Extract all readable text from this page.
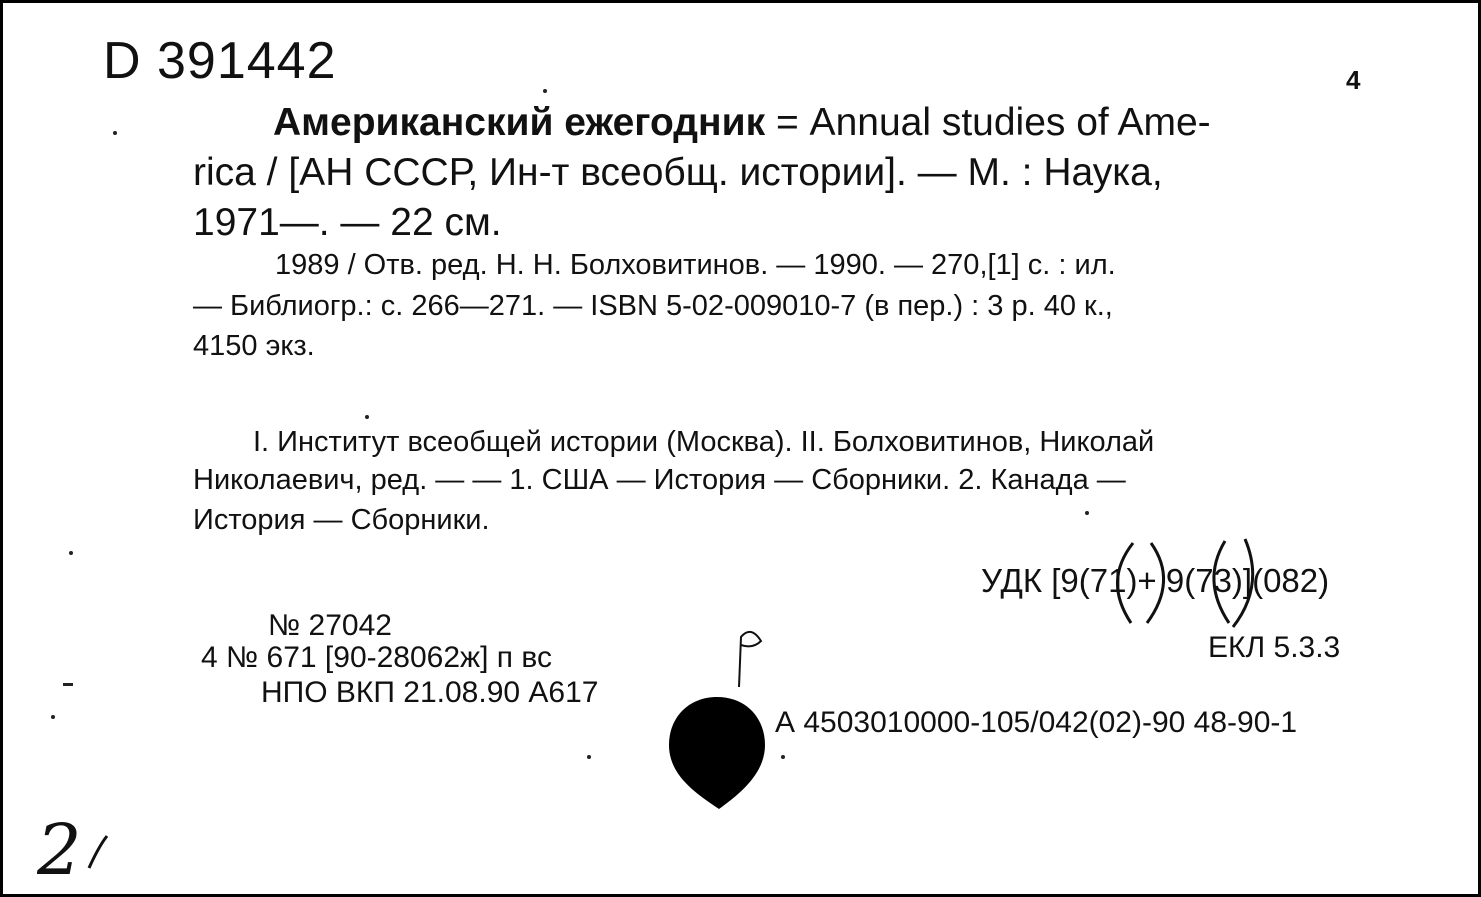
D 391442	4
Американский ежегодник = Annual studies of Ame-
rica / [АН СССР, Ин-т всеобщ. истории]. — М. : Наука,
1971—. — 22 см.
1989 / Отв. ред. Н. Н. Болховитинов. — 1990. — 270,[1] с. : ил.
— Библиогр.: с. 266—271. — ISBN 5-02-009010-7 (в пер.) : 3 р. 40 к.,
4150 экз.
I. Институт всеобщей истории (Москва). II. Болховитинов, Николай
Николаевич, ред. — — 1. США — История — Сборники. 2. Канада —
История — Сборники.
УДК [9(71)+ 9(73)](082)
ЕКЛ 5.3.3
№ 27042
4 № 671 [90-28062ж] п вс
НПО ВКП 21.08.90 А617
А 4503010000-105/042(02)-90 48-90-1
2
